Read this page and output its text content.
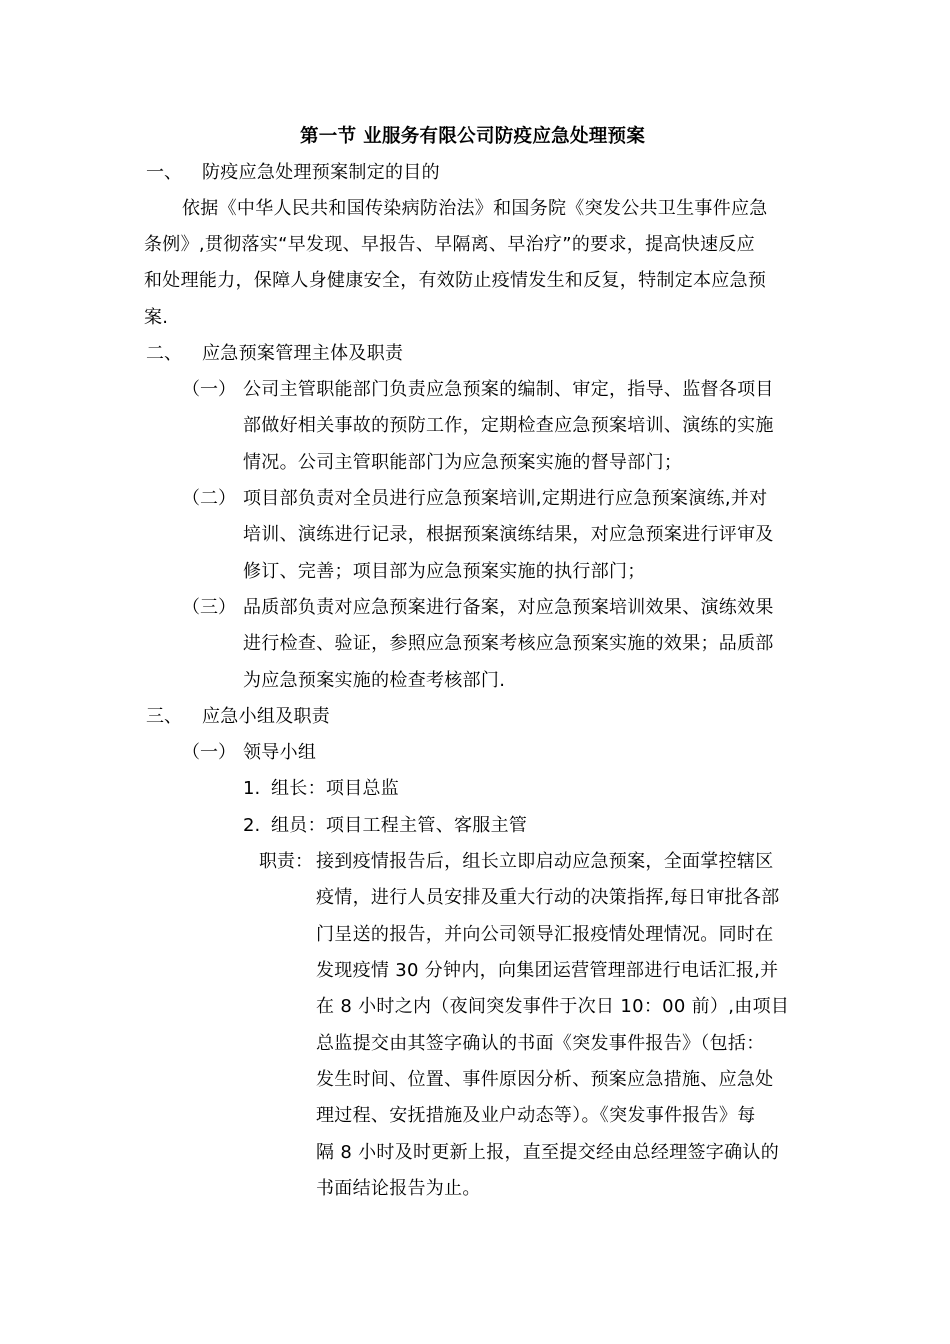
第一节 业服务有限公司防疫应急处理预案
一、 防疫应急处理预案制定的目的
依据《中华人民共和国传染病防治法》和国务院《突发公共卫生事件应急
条例》,贯彻落实“早发现、早报告、早隔离、早治疗”的要求，提高快速反应
和处理能力，保障人身健康安全，有效防止疫情发生和反复，特制定本应急预
案.
二、 应急预案管理主体及职责
（一） 公司主管职能部门负责应急预案的编制、审定，指导、监督各项目
部做好相关事故的预防工作，定期检查应急预案培训、演练的实施
情况。公司主管职能部门为应急预案实施的督导部门；
（二） 项目部负责对全员进行应急预案培训,定期进行应急预案演练,并对
培训、演练进行记录，根据预案演练结果，对应急预案进行评审及
修订、完善；项目部为应急预案实施的执行部门；
（三） 品质部负责对应急预案进行备案，对应急预案培训效果、演练效果
进行检查、验证，参照应急预案考核应急预案实施的效果；品质部
为应急预案实施的检查考核部门.
三、 应急小组及职责
（一） 领导小组
1. 组长：项目总监
2. 组员：项目工程主管、客服主管
职责： 接到疫情报告后，组长立即启动应急预案，全面掌控辖区
疫情，进行人员安排及重大行动的决策指挥,每日审批各部
门呈送的报告，并向公司领导汇报疫情处理情况。同时在
发现疫情 30 分钟内，向集团运营管理部进行电话汇报,并
在 8 小时之内（夜间突发事件于次日 10：00 前）,由项目
总监提交由其签字确认的书面《突发事件报告》（包括：
发生时间、位置、事件原因分析、预案应急措施、应急处
理过程、安抚措施及业户动态等）。《突发事件报告》每
隔 8 小时及时更新上报，直至提交经由总经理签字确认的
书面结论报告为止。
